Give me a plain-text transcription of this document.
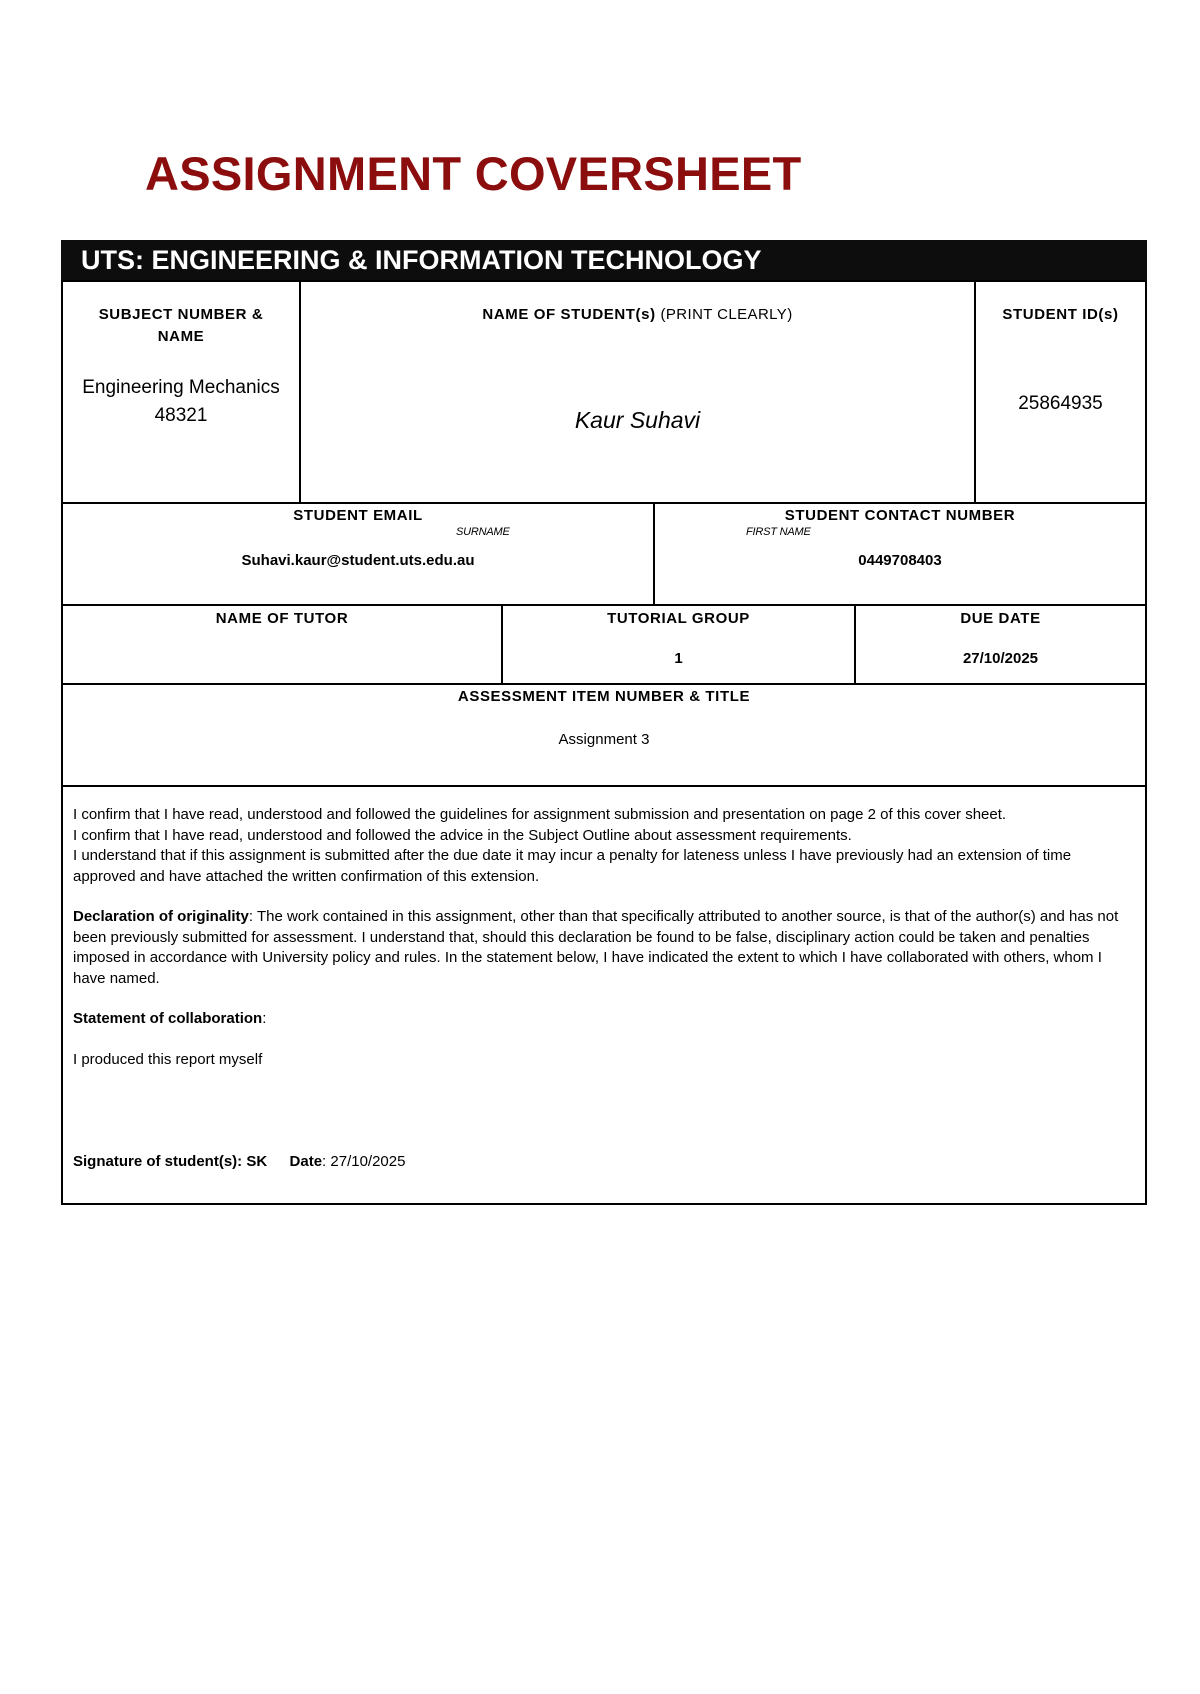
ASSIGNMENT COVERSHEET
UTS: ENGINEERING & INFORMATION TECHNOLOGY
SUBJECT NUMBER & NAME
Engineering Mechanics
48321
NAME OF STUDENT(s) (PRINT CLEARLY)
Kaur Suhavi
SURNAME	FIRST NAME
STUDENT ID(s)
25864935
STUDENT EMAIL
Suhavi.kaur@student.uts.edu.au
STUDENT CONTACT NUMBER
0449708403
NAME OF TUTOR	TUTORIAL GROUP
1
DUE DATE
27/10/2025
ASSESSMENT ITEM NUMBER & TITLE
Assignment 3

I confirm that I have read, understood and followed the guidelines for assignment submission and presentation on page 2 of this cover sheet.

I confirm that I have read, understood and followed the advice in the Subject Outline about assessment requirements.

I understand that if this assignment is submitted after the due date it may incur a penalty for lateness unless I have previously had an extension of time approved and have attached the written confirmation of this extension.

Declaration of originality: The work contained in this assignment, other than that specifically attributed to another source, is that of the author(s) and has not been previously submitted for assessment. I understand that, should this declaration be found to be false, disciplinary action could be taken and penalties imposed in accordance with University policy and rules. In the statement below, I have indicated the extent to which I have collaborated with others, whom I have named.

Statement of collaboration:

I produced this report myself

Signature of student(s): SK Date: 27/10/2025
